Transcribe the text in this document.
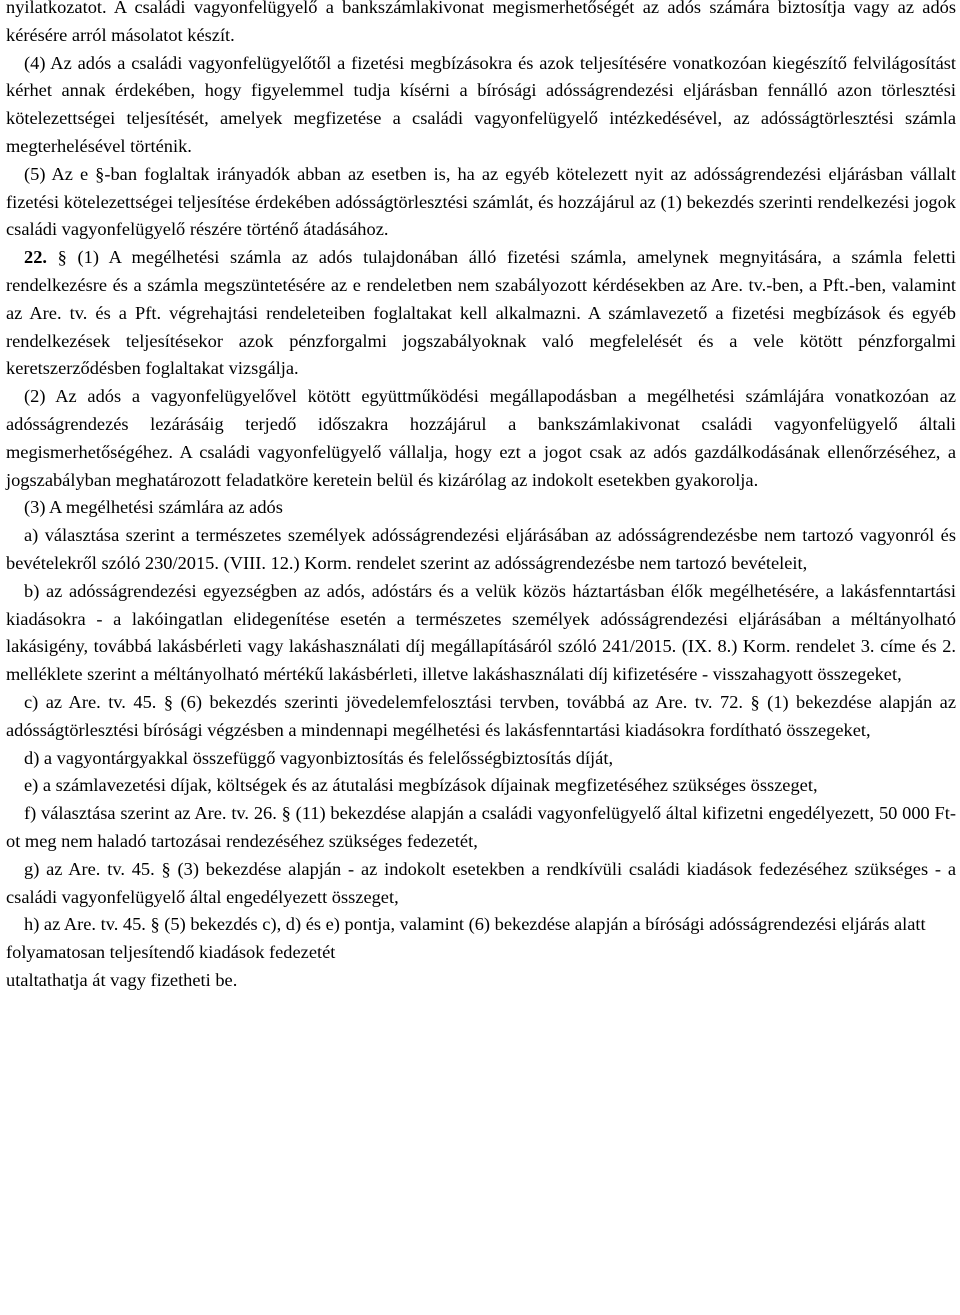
nyilatkozatot. A családi vagyonfelügyelő a bankszámlakivonat megismerhetőségét az adós számára biztosítja vagy az adós kérésére arról másolatot készít.

(4) Az adós a családi vagyonfelügyelőtől a fizetési megbízásokra és azok teljesítésére vonatkozóan kiegészítő felvilágosítást kérhet annak érdekében, hogy figyelemmel tudja kísérni a bírósági adósságrendezési eljárásban fennálló azon törlesztési kötelezettségei teljesítését, amelyek megfizetése a családi vagyonfelügyelő intézkedésével, az adósságtörlesztési számla megterhelésével történik.

(5) Az e §-ban foglaltak irányadók abban az esetben is, ha az egyéb kötelezett nyit az adósságrendezési eljárásban vállalt fizetési kötelezettségei teljesítése érdekében adósságtörlesztési számlát, és hozzájárul az (1) bekezdés szerinti rendelkezési jogok családi vagyonfelügyelő részére történő átadásához.

22. § (1) A megélhetési számla az adós tulajdonában álló fizetési számla, amelynek megnyitására, a számla feletti rendelkezésre és a számla megszüntetésére az e rendeletben nem szabályozott kérdésekben az Are. tv.-ben, a Pft.-ben, valamint az Are. tv. és a Pft. végrehajtási rendeleteiben foglaltakat kell alkalmazni. A számlavezető a fizetési megbízások és egyéb rendelkezések teljesítésekor azok pénzforgalmi jogszabályoknak való megfelelését és a vele kötött pénzforgalmi keretszerződésben foglaltakat vizsgálja.

(2) Az adós a vagyonfelügyelővel kötött együttműködési megállapodásban a megélhetési számlájára vonatkozóan az adósságrendezés lezárásáig terjedő időszakra hozzájárul a bankszámlakivonat családi vagyonfelügyelő általi megismerhetőségéhez. A családi vagyonfelügyelő vállalja, hogy ezt a jogot csak az adós gazdálkodásának ellenőrzéséhez, a jogszabályban meghatározott feladatköre keretein belül és kizárólag az indokolt esetekben gyakorolja.

(3) A megélhetési számlára az adós

a) választása szerint a természetes személyek adósságrendezési eljárásában az adósságrendezésbe nem tartozó vagyonról és bevételekről szóló 230/2015. (VIII. 12.) Korm. rendelet szerint az adósságrendezésbe nem tartozó bevételeit,

b) az adósságrendezési egyezségben az adós, adóstárs és a velük közös háztartásban élők megélhetésére, a lakásfenntartási kiadásokra - a lakóingatlan elidegenítése esetén a természetes személyek adósságrendezési eljárásában a méltányolható lakásigény, továbbá lakásbérleti vagy lakáshasználati díj megállapításáról szóló 241/2015. (IX. 8.) Korm. rendelet 3. címe és 2. melléklete szerint a méltányolható mértékű lakásbérleti, illetve lakáshasználati díj kifizetésére - visszahagyott összegeket,

c) az Are. tv. 45. § (6) bekezdés szerinti jövedelemfelosztási tervben, továbbá az Are. tv. 72. § (1) bekezdése alapján az adósságtörlesztési bírósági végzésben a mindennapi megélhetési és lakásfenntartási kiadásokra fordítható összegeket,

d) a vagyontárgyakkal összefüggő vagyonbiztosítás és felelősségbiztosítás díját,

e) a számlavezetési díjak, költségek és az átutalási megbízások díjainak megfizetéséhez szükséges összeget,

f) választása szerint az Are. tv. 26. § (11) bekezdése alapján a családi vagyonfelügyelő által kifizetni engedélyezett, 50 000 Ft-ot meg nem haladó tartozásai rendezéséhez szükséges fedezetét,

g) az Are. tv. 45. § (3) bekezdése alapján - az indokolt esetekben a rendkívüli családi kiadások fedezéséhez szükséges - a családi vagyonfelügyelő által engedélyezett összeget,

h) az Are. tv. 45. § (5) bekezdés c), d) és e) pontja, valamint (6) bekezdése alapján a bírósági adósságrendezési eljárás alatt folyamatosan teljesítendő kiadások fedezetét

utaltathatja át vagy fizetheti be.
